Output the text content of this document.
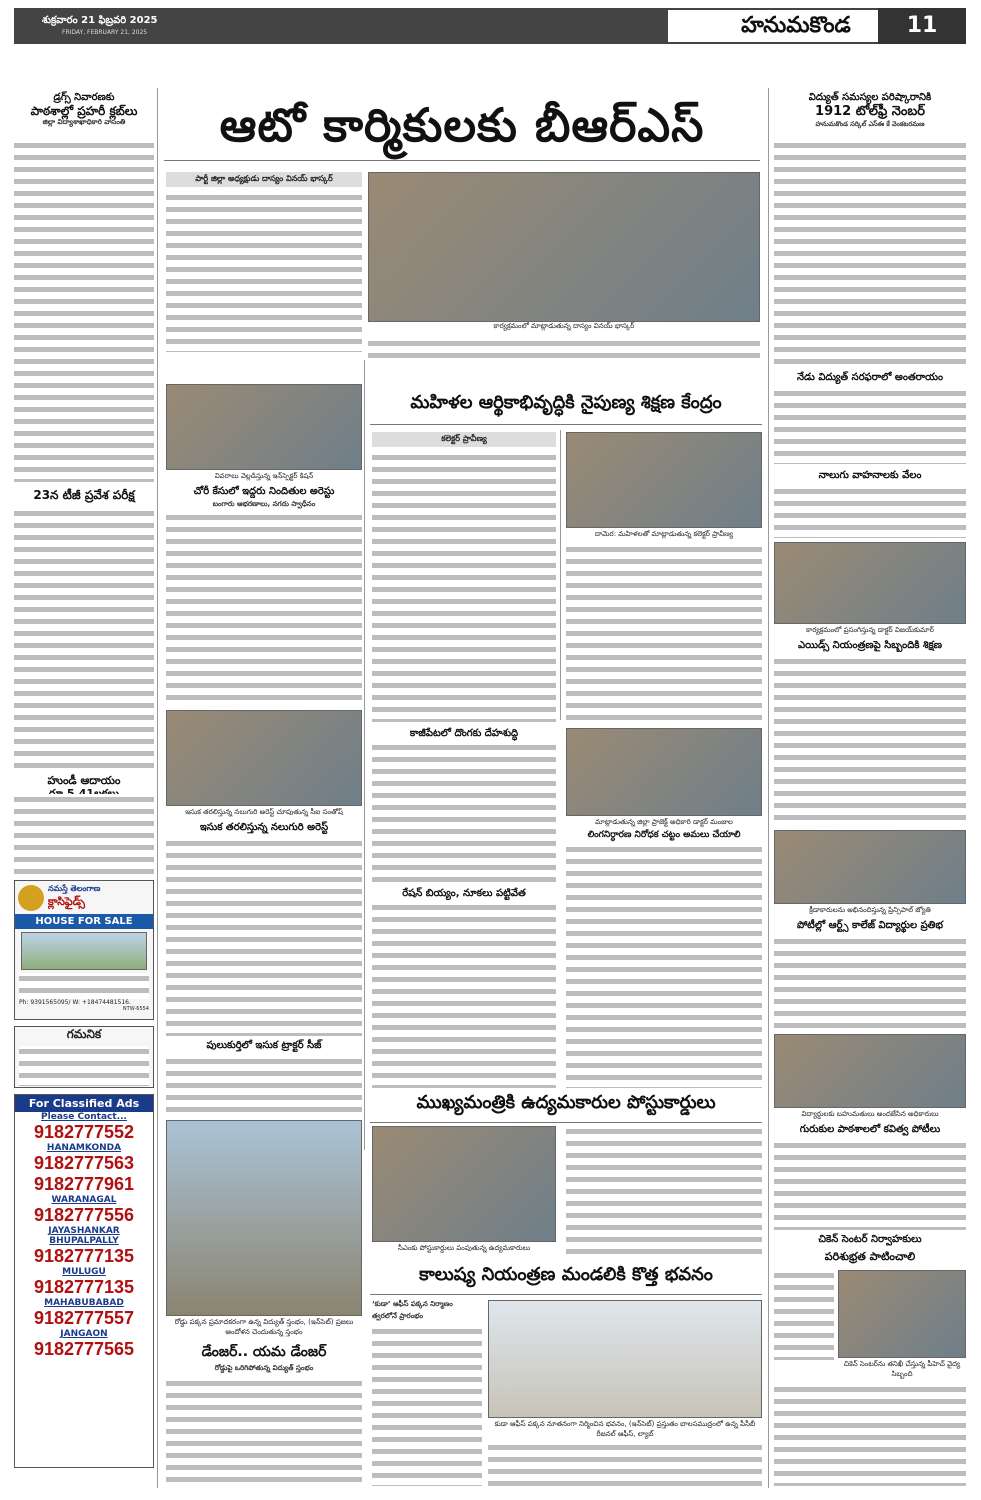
శుక్రవారం 21 ఫిబ్రవరి 2025
FRIDAY, FEBRUARY 21, 2025	హనుమకొండ	11
డ్రగ్స్ నివారణకు
పాఠశాల్లో ప్రహరీ క్లబ్‌లు
జిల్లా విద్యాశాఖాధికారి వాసంతి
23న టీజీ ప్రవేశ పరీక్ష
హుండీ ఆదాయం రూ.5.41లక్షలు
నమస్తే తెలంగాణ
క్లాసిఫైడ్స్
HOUSE FOR SALE
Ph: 9391565095/ W: +18474481516.
NTW-6554
గమనిక
For Classified Ads
Please Contact...
9182777552
HANAMKONDA
9182777563
9182777961
WARANAGAL
9182777556
JAYASHANKAR BHUPALPALLY
9182777135
MULUGU
9182777135
MAHABUBABAD
9182777557
JANGAON
9182777565
ఆటో కార్మికులకు బీఆర్ఎస్
పార్టీ జిల్లా అధ్యక్షుడు దాస్యం వినయ్ భాస్కర్
కార్యక్రమంలో మాట్లాడుతున్న దాస్యం వినయ్ భాస్కర్
వివరాలు వెల్లడిస్తున్న ఇన్‌స్పెక్టర్ కిషన్
చోరీ కేసులో ఇద్దరు నిందితుల అరెస్టు
బంగారు ఆభరణాలు, నగదు స్వాధీనం
ఇసుక తరలిస్తున్న నలుగురి అరెస్ట్ చూపుతున్న సీఐ సంతోష్
ఇసుక తరలిస్తున్న నలుగురి అరెస్ట్
పులుకుర్తిలో ఇసుక ట్రాక్టర్ సీజ్
రోడ్డు పక్కన ప్రమాదకరంగా ఉన్న విద్యుత్ స్తంభం, (ఇన్‌సెట్) ప్రజలు ఆందోళన చెందుతున్న స్తంభం
డేంజర్.. యమ డేంజర్
రోడ్డుపై ఒరిగిపోతున్న విద్యుత్ స్తంభం
మహిళల ఆర్థికాభివృద్ధికి నైపుణ్య శిక్షణ కేంద్రం
కలెక్టర్ ప్రావీణ్య
దామెర: మహిళలతో మాట్లాడుతున్న కలెక్టర్ ప్రావీణ్య
కాజీపేటలో దొంగకు దేహశుద్ధి
రేషన్ బియ్యం, నూకలు పట్టివేత
మాట్లాడుతున్న జిల్లా ప్రాజెక్ట్ అధికారి డాక్టర్ మంజుల
లింగనిర్ధారణ నిరోధక చట్టం అమలు చేయాలి
ముఖ్యమంత్రికి ఉద్యమకారుల పోస్టుకార్డులు
సీఎంకు పోస్టుకార్డులు పంపుతున్న ఉద్యమకారులు
కాలుష్య నియంత్రణ మండలికి కొత్త భవనం
‘కుడా’ ఆఫీస్ పక్కన నిర్మాణం
త్వరలోనే ప్రారంభం
కుడా ఆఫీస్ పక్కన నూతనంగా నిర్మించిన భవనం, (ఇన్‌సెట్) ప్రస్తుతం బాలసముద్రంలో ఉన్న పీసీబీ రీజనల్ ఆఫీస్, ల్యాబ్
విద్యుత్ సమస్యల పరిష్కారానికి
1912 టోల్‌ఫ్రీ నెంబర్
హనుమకొండ సర్కిల్ ఎస్ఈ కే వెంకటరమణ
నేడు విద్యుత్ సరఫరాలో అంతరాయం
నాలుగు వాహనాలకు వేలం
కార్యక్రమంలో ప్రసంగిస్తున్న డాక్టర్ విజయ్‌కుమార్
ఎయిడ్స్ నియంత్రణపై సిబ్బందికి శిక్షణ
క్రీడాకారులను అభినందిస్తున్న ప్రిన్సిపాల్ జ్యోతి
పోటీల్లో ఆర్ట్స్ కాలేజ్ విద్యార్థుల ప్రతిభ
విద్యార్థులకు బహుమతులు అందజేసిన అధికారులు
గురుకుల పాఠశాలలో కవిత్వ పోటీలు
చికెన్ సెంటర్ నిర్వాహకులు
పరిశుభ్రత పాటించాలి
చికెన్ సెంటర్‌ను తనిఖీ చేస్తున్న పీహెచ్ వైద్య సిబ్బంది
